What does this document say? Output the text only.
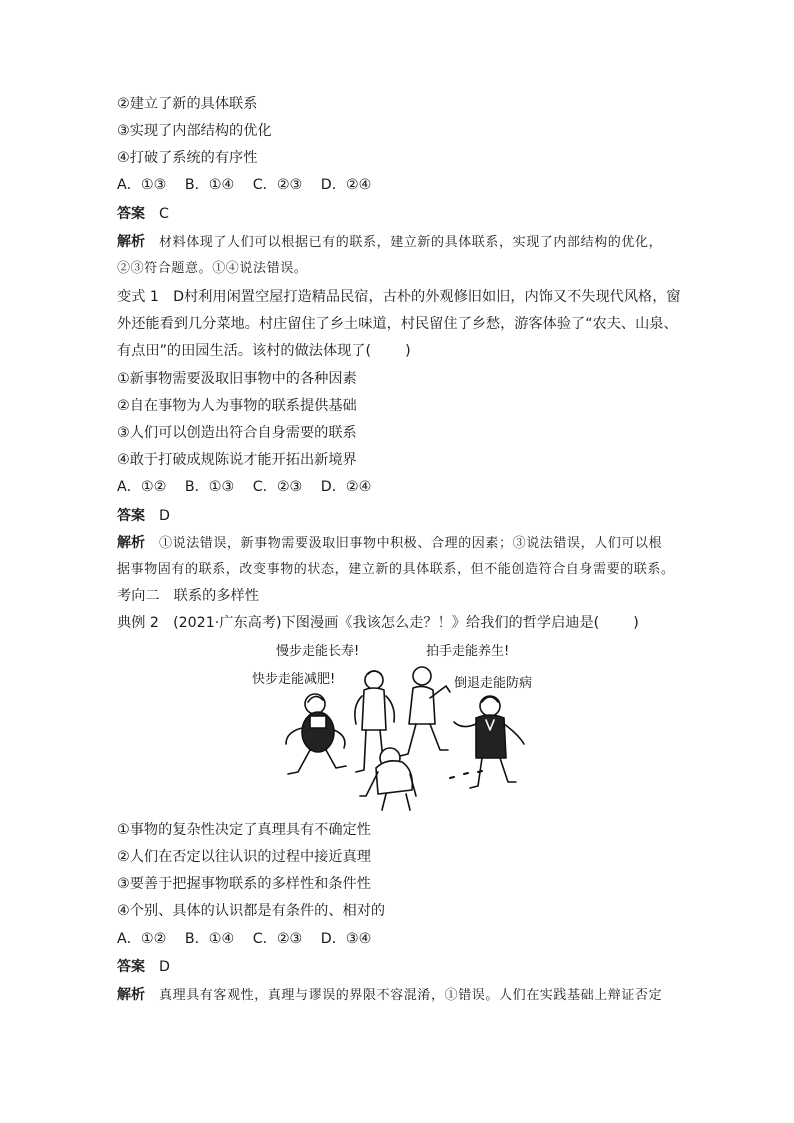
②建立了新的具体联系
③实现了内部结构的优化
④打破了系统的有序性
A．①③ B．①④ C．②③ D．②④
答案 C
解析 材料体现了人们可以根据已有的联系，建立新的具体联系，实现了内部结构的优化，
②③符合题意。①④说法错误。
变式 1　D村利用闲置空屋打造精品民宿，古朴的外观修旧如旧，内饰又不失现代风格，窗
外还能看到几分菜地。村庄留住了乡土味道，村民留住了乡愁，游客体验了“农夫、山泉、
有点田”的田园生活。该村的做法体现了( )
①新事物需要汲取旧事物中的各种因素
②自在事物为人为事物的联系提供基础
③人们可以创造出符合自身需要的联系
④敢于打破成规陈说才能开拓出新境界
A．①② B．①③ C．②③ D．②④
答案 D
解析 ①说法错误，新事物需要汲取旧事物中积极、合理的因素；③说法错误，人们可以根
据事物固有的联系，改变事物的状态，建立新的具体联系，但不能创造符合自身需要的联系。
考向二　联系的多样性
典例 2　(2021·广东高考)下图漫画《我该怎么走？！》给我们的哲学启迪是( )
慢步走能长寿!	拍手走能养生!
快步走能减肥!	倒退走能防病
①事物的复杂性决定了真理具有不确定性
②人们在否定以往认识的过程中接近真理
③要善于把握事物联系的多样性和条件性
④个别、具体的认识都是有条件的、相对的
A．①② B．①④ C．②③ D．③④
答案 D
解析 真理具有客观性，真理与谬误的界限不容混淆，①错误。人们在实践基础上辩证否定
